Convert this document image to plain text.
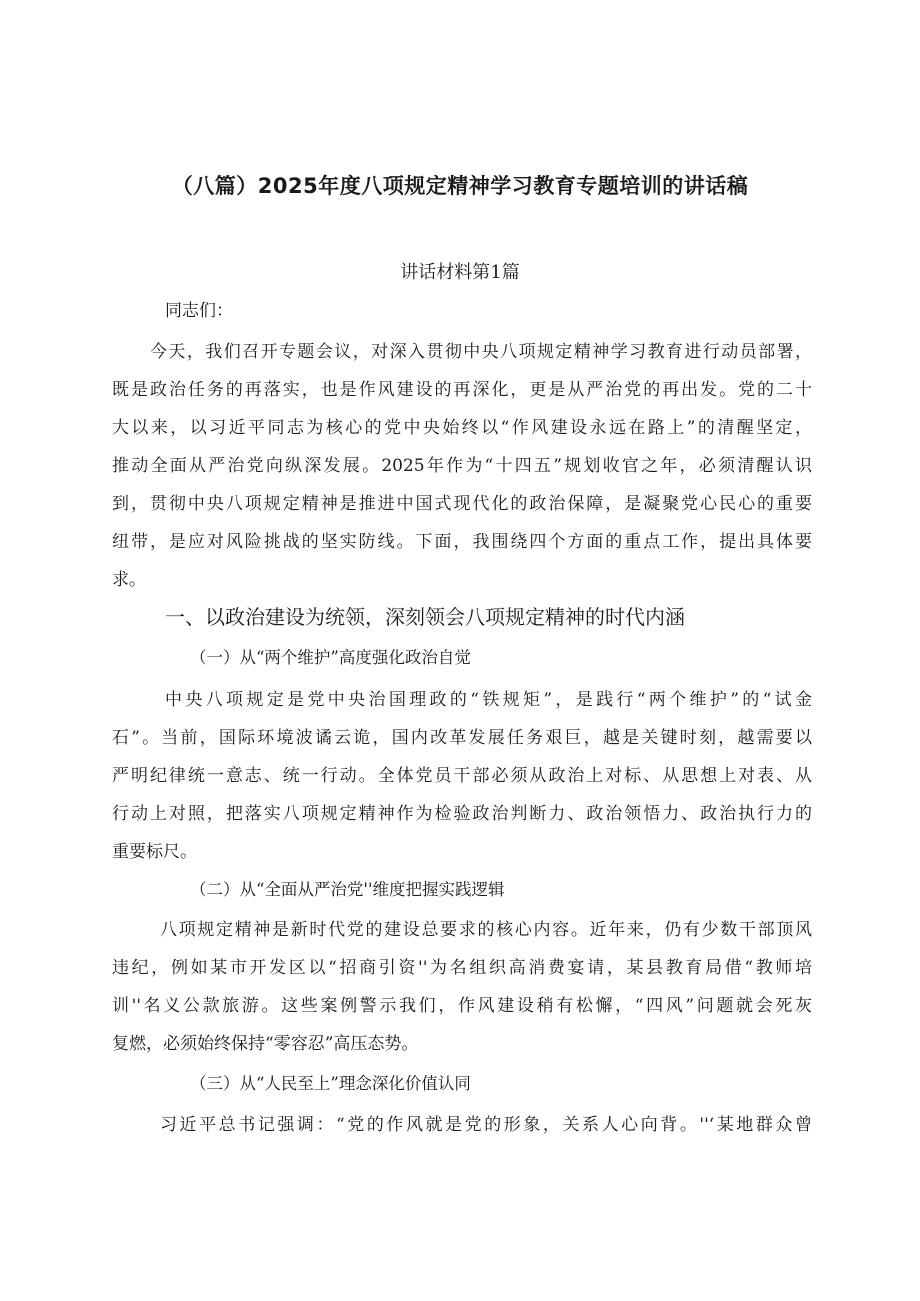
（八篇）2025年度八项规定精神学习教育专题培训的讲话稿
讲话材料第1篇
同志们：
今天，我们召开专题会议，对深入贯彻中央八项规定精神学习教育进行动员部署，
既是政治任务的再落实，也是作风建设的再深化，更是从严治党的再出发。党的二十
大以来，以习近平同志为核心的党中央始终以“作风建设永远在路上”的清醒坚定，
推动全面从严治党向纵深发展。2025年作为“十四五”规划收官之年，必须清醒认识
到，贯彻中央八项规定精神是推进中国式现代化的政治保障，是凝聚党心民心的重要
纽带，是应对风险挑战的坚实防线。下面，我围绕四个方面的重点工作，提出具体要
求。
一、以政治建设为统领，深刻领会八项规定精神的时代内涵
（一）从“两个维护”高度强化政治自觉
中央八项规定是党中央治国理政的“铁规矩”，是践行“两个维护”的“试金
石”。当前，国际环境波谲云诡，国内改革发展任务艰巨，越是关键时刻，越需要以
严明纪律统一意志、统一行动。全体党员干部必须从政治上对标、从思想上对表、从
行动上对照，把落实八项规定精神作为检验政治判断力、政治领悟力、政治执行力的
重要标尺。
（二）从“全面从严治党''维度把握实践逻辑
八项规定精神是新时代党的建设总要求的核心内容。近年来，仍有少数干部顶风
违纪，例如某市开发区以“招商引资''为名组织高消费宴请，某县教育局借“教师培
训''名义公款旅游。这些案例警示我们，作风建设稍有松懈，“四风”问题就会死灰
复燃，必须始终保持“零容忍”高压态势。
（三）从“人民至上”理念深化价值认同
习近平总书记强调：“党的作风就是党的形象，关系人心向背。''‘某地群众曾
